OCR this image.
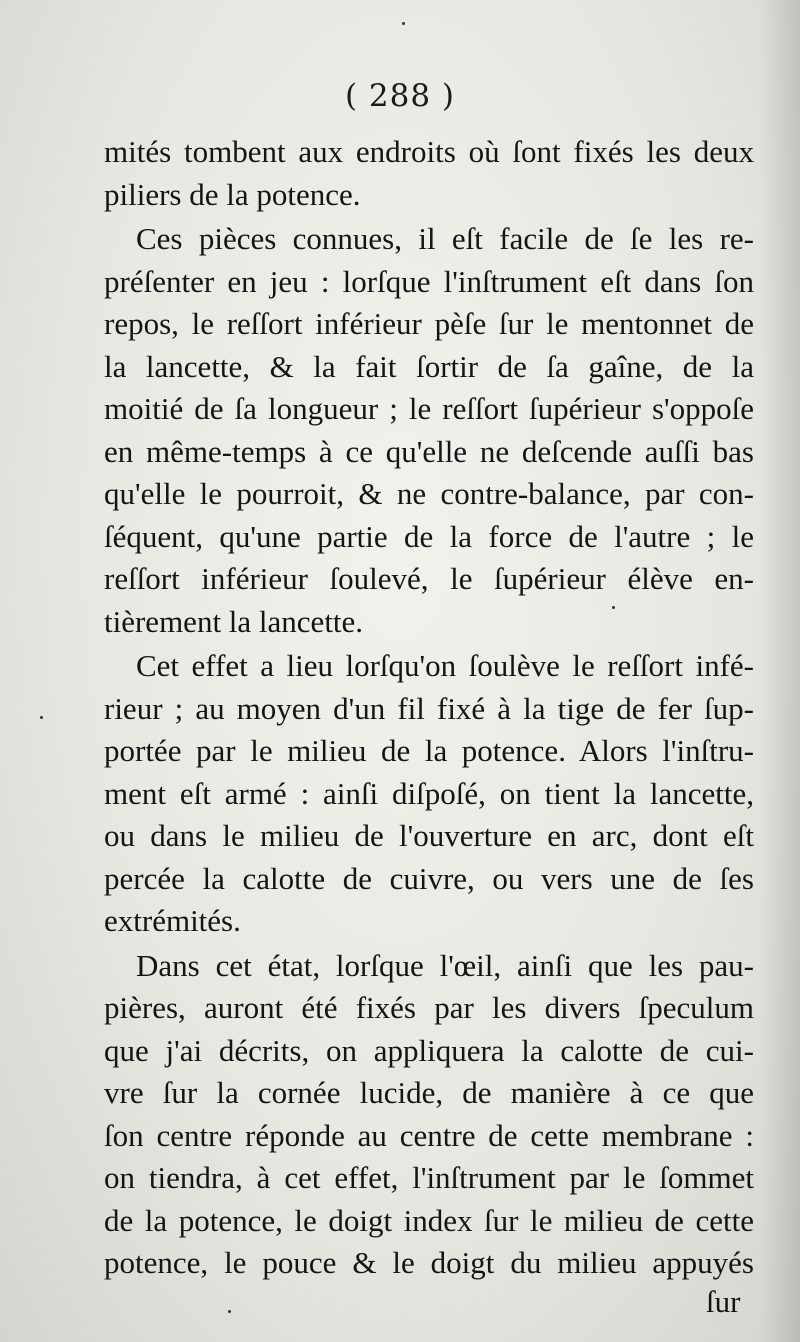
( 288 )
mités tombent aux endroits où ſont fixés les deux
piliers de la potence.
Ces pièces connues, il eſt facile de ſe les re-
préſenter en jeu : lorſque l'inſtrument eſt dans ſon
repos, le reſſort inférieur pèſe ſur le mentonnet de
la lancette, & la fait ſortir de ſa gaîne, de la
moitié de ſa longueur ; le reſſort ſupérieur s'oppoſe
en même-temps à ce qu'elle ne deſcende auſſi bas
qu'elle le pourroit, & ne contre-balance, par con-
ſéquent, qu'une partie de la force de l'autre ; le
reſſort inférieur ſoulevé, le ſupérieur élève en-
tièrement la lancette.
Cet effet a lieu lorſqu'on ſoulève le reſſort infé-
rieur ; au moyen d'un fil fixé à la tige de fer ſup-
portée par le milieu de la potence. Alors l'inſtru-
ment eſt armé : ainſi diſpoſé, on tient la lancette,
ou dans le milieu de l'ouverture en arc, dont eſt
percée la calotte de cuivre, ou vers une de ſes
extrémités.
Dans cet état, lorſque l'œil, ainſi que les pau-
pières, auront été fixés par les divers ſpeculum
que j'ai décrits, on appliquera la calotte de cui-
vre ſur la cornée lucide, de manière à ce que
ſon centre réponde au centre de cette membrane :
on tiendra, à cet effet, l'inſtrument par le ſommet
de la potence, le doigt index ſur le milieu de cette
potence, le pouce & le doigt du milieu appuyés
ſur
